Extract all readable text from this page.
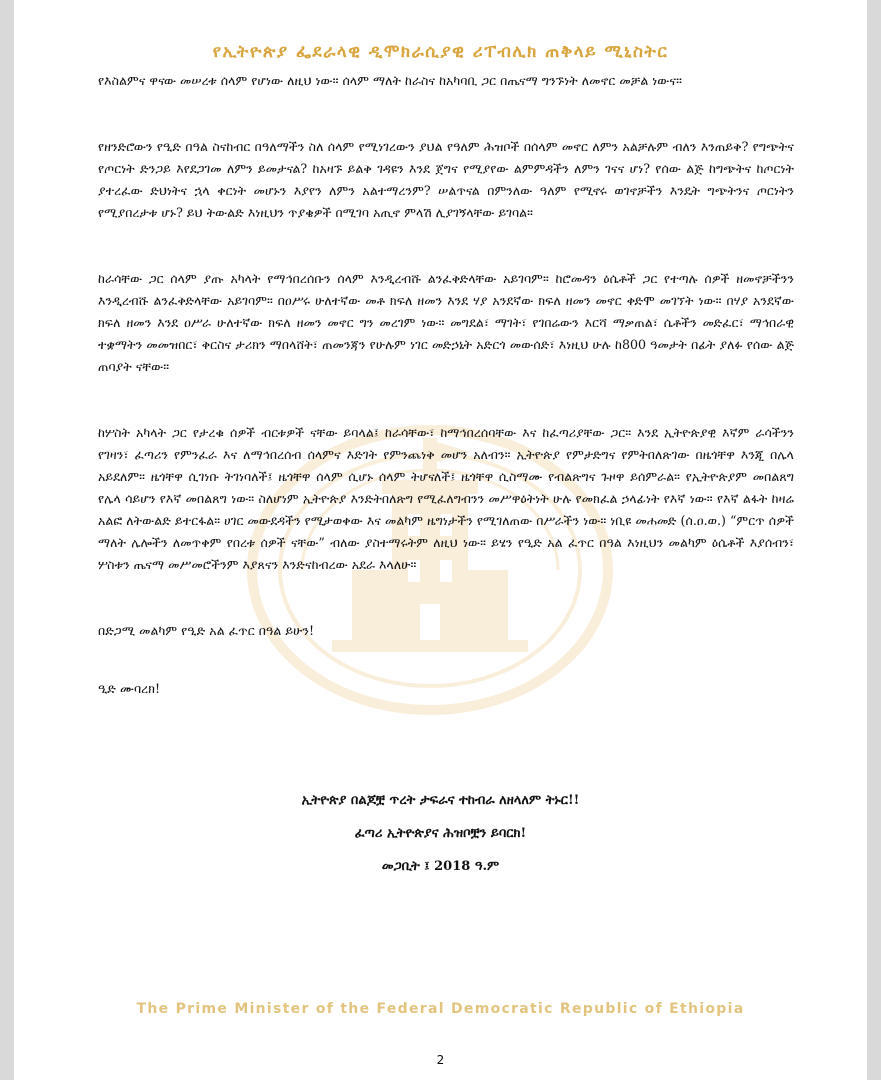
የኢትዮጵያ ፌደራላዊ ዲሞክራሲያዊ ሪፐብሊክ ጠቅላይ ሚኒስትር

የእስልምና ዋናው መሠረቱ ሰላም የሆነው ለዚህ ነው። ሰላም ማለት ከራስና ከአካባቢ ጋር በጤናማ ግንኙነት ለመኖር መቻል ነውና።

የዘንድሮውን የዒድ በዓል ስናከብር በዓለማችን ስለ ሰላም የሚነገረውን ያህል የዓለም ሕዝቦች በሰላም መኖር ለምን አልቻሉም ብለን እንጠይቅ? የግጭትና የጦርነት ድንጋይ እየደጋገመ ለምን ይመታናል? ከአዛኙ ይልቅ ገዳዩን እንደ ጀግና የሚያየው ልምምዳችን ለምን ገናና ሆነ? የሰው ልጅ ከግጭትና ከጦርነት ያተረፈው ድህነትና ኋላ ቀርነት መሆኑን እያየን ለምን አልተማረንም? ሠልጥናል በምንለው ዓለም የሚኖሩ ወገኖቻችን እንዴት ግጭትንና ጦርነትን የሚያበረታቱ ሆኑ? ይህ ትውልድ እነዚህን ጥያቄዎች በሚገባ አጢኖ ምላሽ ሊያገኝላቸው ይገባል።

ከራሳቸው ጋር ሰላም ያጡ አካላት የማኅበረሰቡን ሰላም እንዲረብሹ ልንፈቅድላቸው አይገባም። ከሮመዳን ዕሴቶች ጋር የተጣሉ ሰዎች ዘመኖቻችንን እንዲረብሹ ልንፈቅድላቸው አይገባም። በዐሥሩ ሁለተኛው መቶ ክፍለ ዘመን እንደ ሃያ አንደኛው ክፍለ ዘመን መኖር ቀድሞ መገኘት ነው። በሃያ አንደኛው ክፍለ ዘመን እንደ ዐሥራ ሁለተኛው ክፍለ ዘመን መኖር ግን መረገም ነው። መግደል፣ ማገት፣ የገበሬውን እርሻ ማቃጠል፣ ሴቶችን መድፈር፣ ማኅበራዊ ተቋማትን መመዝበር፣ ቅርስና ታሪክን ማበላሸት፣ ጠመንጃን የሁሉም ነገር መድኃኒት አድርጎ መውሰድ፣ እነዚህ ሁሉ ከ800 ዓመታት በፊት ያለፉ የሰው ልጅ ጠባያት ናቸው።

ከሦስት አካላት ጋር የታረቁ ሰዎች ብርቱዎች ናቸው ይባላል፤ ከራሳቸው፣ ከማኅበረሰባቸው እና ከፈጣሪያቸው ጋር። እንደ ኢትዮጵያዊ እኛም ራሳችንን የገዛን፣ ፈጣሪን የምንፈራ እና ለማኅበረሰብ ሰላምና እድገት የምንጨነቅ መሆን አለብን። ኢትዮጵያ የምታድግና የምትበለጽገው በዜጎቸዋ እንጂ በሌላ አይደለም። ዜጎቸዋ ሲገነቡ ትገነባለች፤ ዜጎቸዋ ሰላም ሲሆኑ ሰላም ትሆናለች፤ ዜጎቸዋ ሲስማሙ የብልጽግና ጉዞዋ ይሰምራል። የኢትዮጵያም መበልጸግ የሌላ ሳይሆን የእኛ መበልጸግ ነው። ስለሆነም ኢትዮጵያ እንድትበለጽግ የሚፈለግብንን መሥዋዕትነት ሁሉ የመክፈል ኃላፊነት የእኛ ነው። የእኛ ልፋት ከዛሬ አልፎ ለትውልድ ይተርፋል። ሀገር መውደዳችን የሚታወቀው እና መልካም ዜግነታችን የሚገለጠው በሥራችን ነው። ነቢዩ መሐመድ (ሰ.ዐ.ወ.) “ምርጥ ሰዎች ማለት ሌሎችን ለመጥቀም የበረቱ ሰዎች ናቸው” ብለው ያስተማሩትም ለዚህ ነው። ይሄን የዒድ አል ፈጥር በዓል እነዚህን መልካም ዕሴቶች እያሰብን፣ ሦስቱን ጤናማ መሥመሮችንም እያጸናን እንድናከብረው አደራ እላለሁ።

በድጋሚ መልካም የዒድ አል ፈጥር በዓል ይሁን!

ዒድ ሙባረክ!

ኢትዮጵያ በልጆቿ ጥረት ታፍራና ተከብራ ለዘላለም ትኑር!!
ፈጣሪ ኢትዮጵያና ሕዝቦቿን ይባርክ!
መጋቢት ፤ 2018 ዓ.ም
The Prime Minister of the Federal Democratic Republic of Ethiopia
2
